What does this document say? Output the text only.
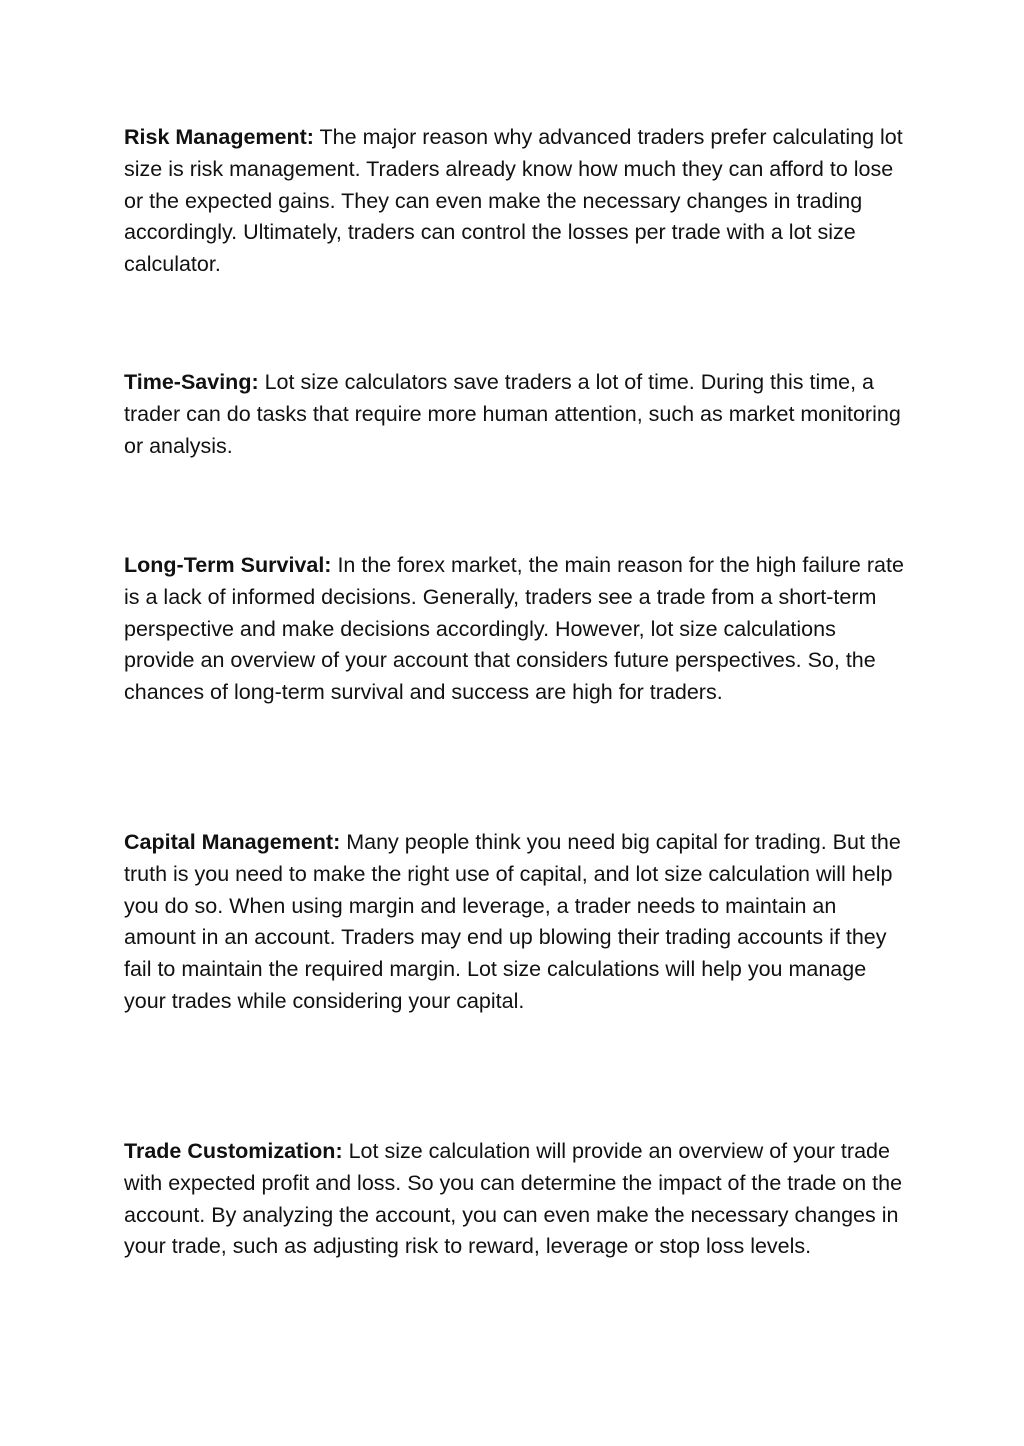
Risk Management: The major reason why advanced traders prefer calculating lot size is risk management. Traders already know how much they can afford to lose or the expected gains. They can even make the necessary changes in trading accordingly. Ultimately, traders can control the losses per trade with a lot size calculator.

Time-Saving: Lot size calculators save traders a lot of time. During this time, a trader can do tasks that require more human attention, such as market monitoring or analysis.

Long-Term Survival: In the forex market, the main reason for the high failure rate is a lack of informed decisions. Generally, traders see a trade from a short-term perspective and make decisions accordingly. However, lot size calculations provide an overview of your account that considers future perspectives. So, the chances of long-term survival and success are high for traders.

Capital Management: Many people think you need big capital for trading. But the truth is you need to make the right use of capital, and lot size calculation will help you do so. When using margin and leverage, a trader needs to maintain an amount in an account. Traders may end up blowing their trading accounts if they fail to maintain the required margin. Lot size calculations will help you manage your trades while considering your capital.

Trade Customization: Lot size calculation will provide an overview of your trade with expected profit and loss. So you can determine the impact of the trade on the account. By analyzing the account, you can even make the necessary changes in your trade, such as adjusting risk to reward, leverage or stop loss levels.
